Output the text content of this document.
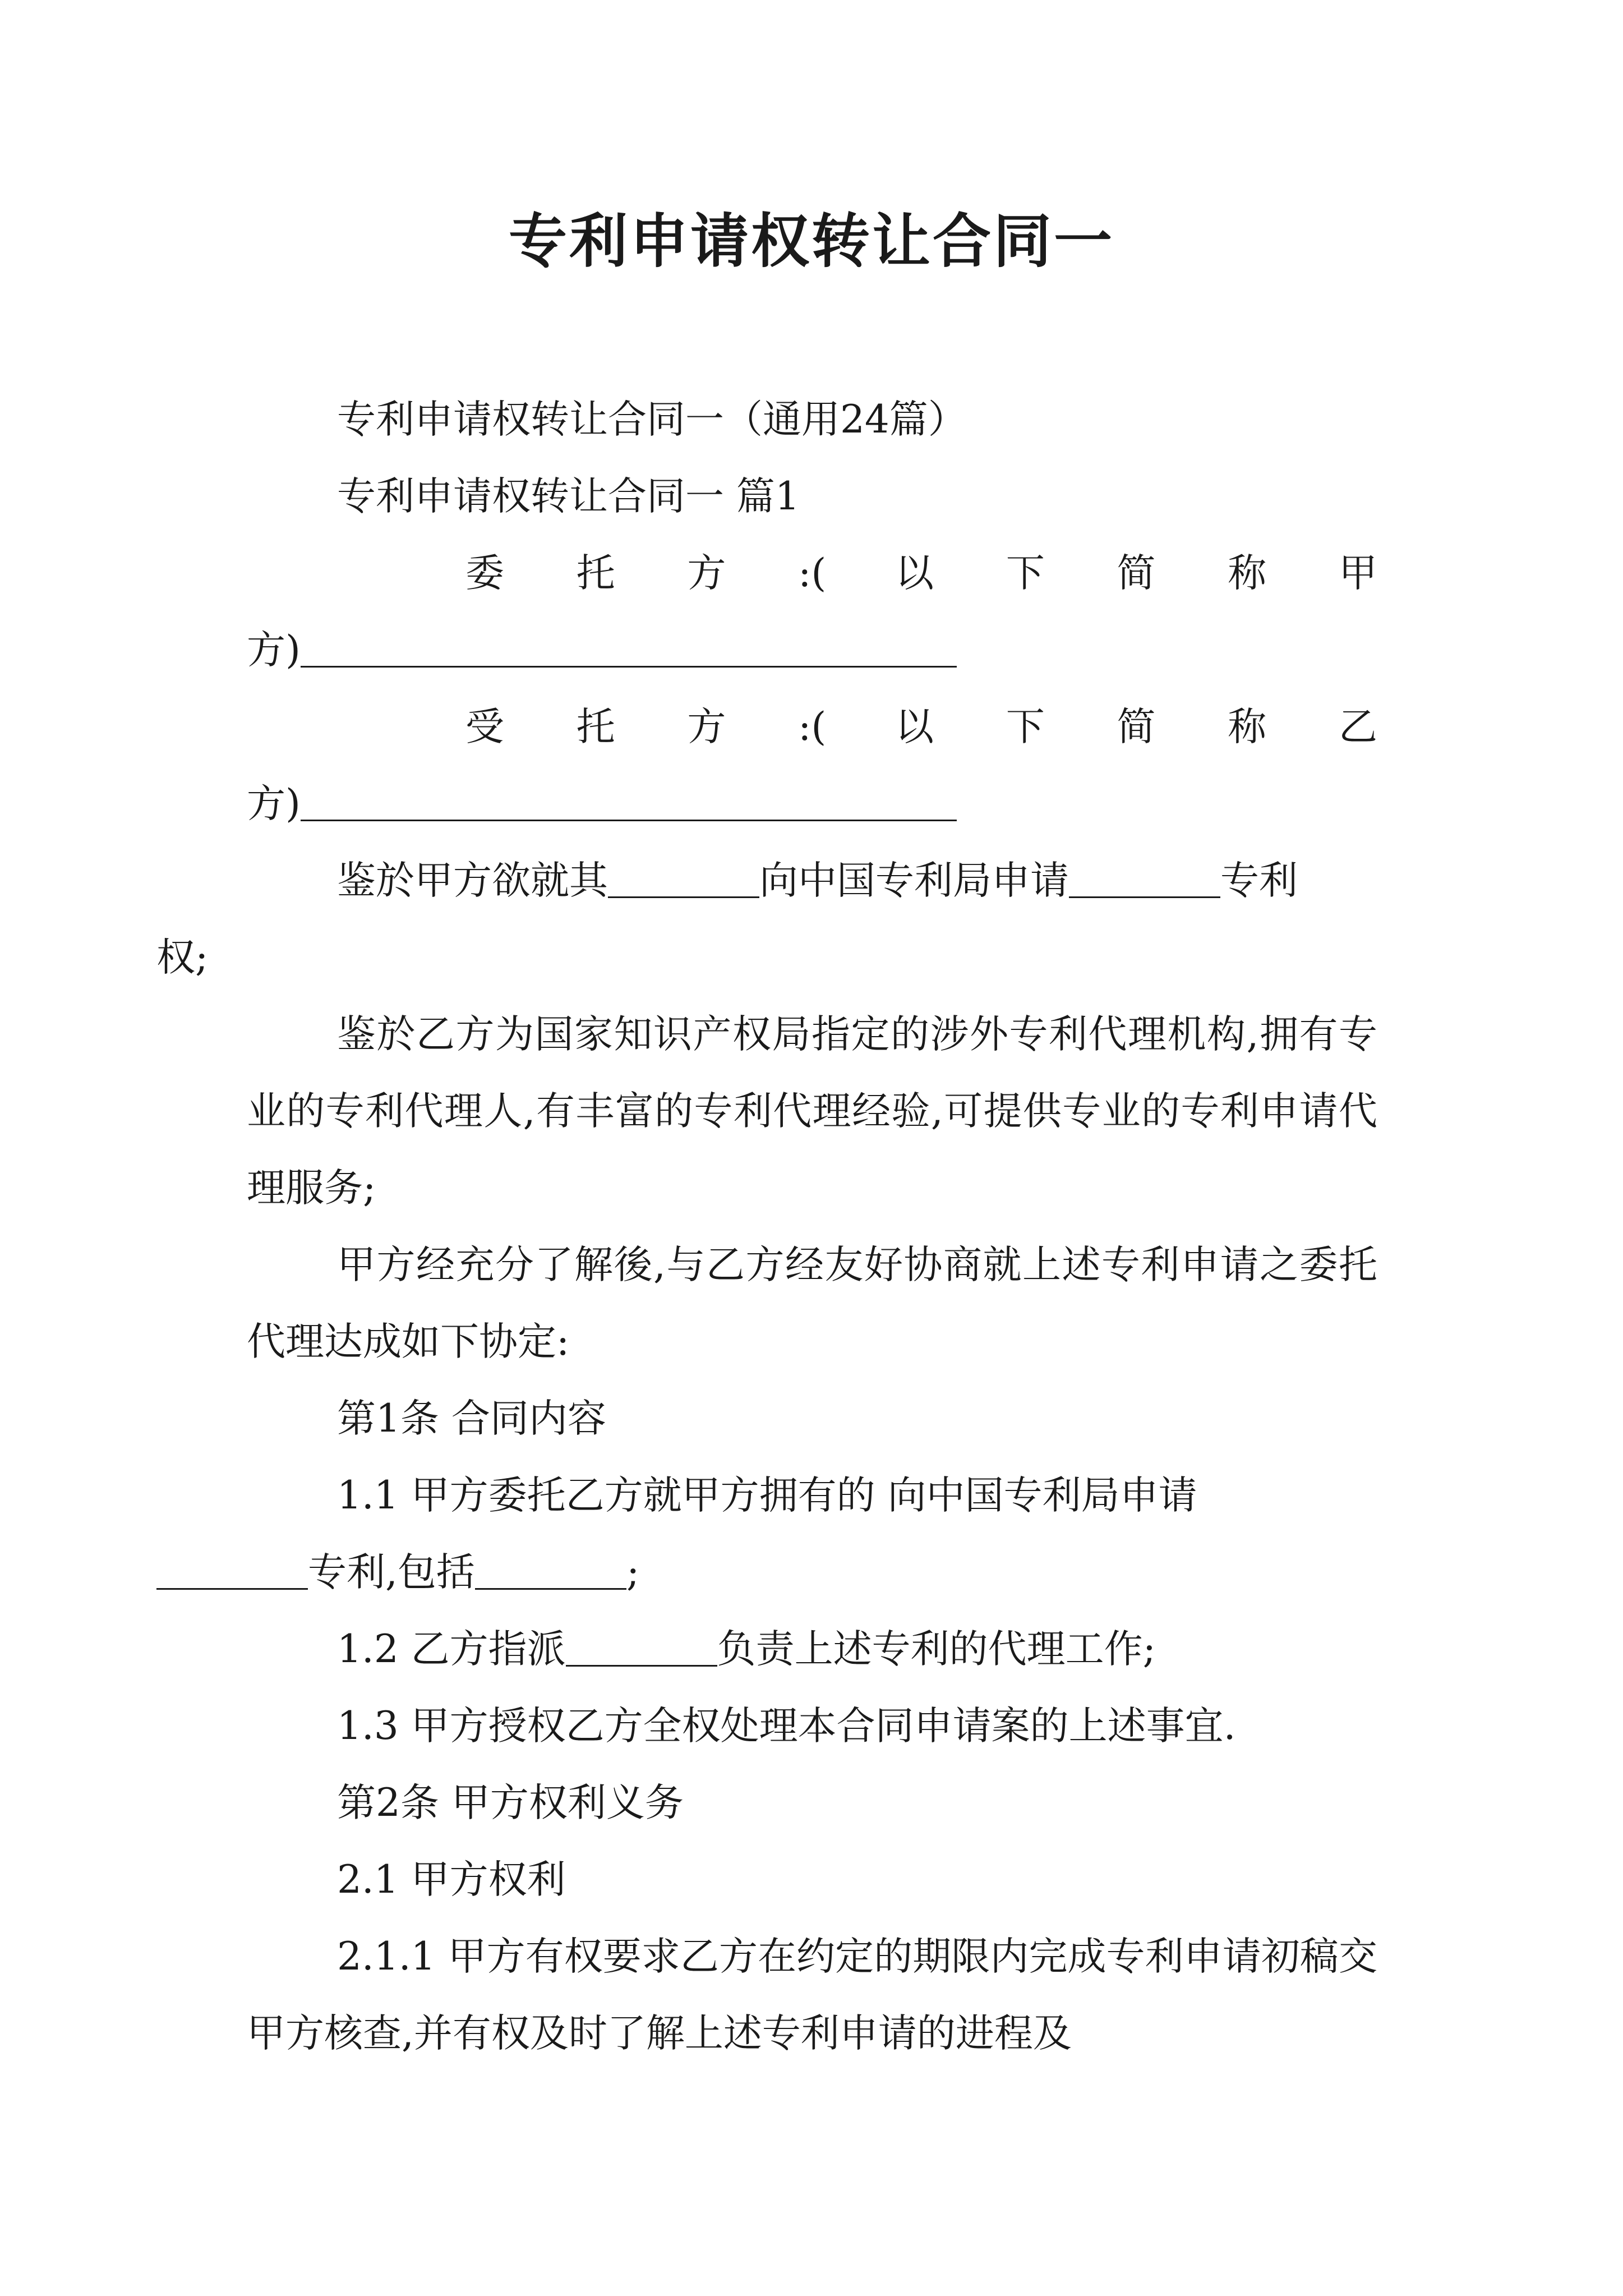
专利申请权转让合同一

专利申请权转让合同一（通用24篇）

专利申请权转让合同一 篇1

委 托 方 :( 以 下 简 称 甲

方)

受 托 方 :( 以 下 简 称 乙

方)

鉴於甲方欲就其	向中国专利局申请	专利
权;

鉴於乙方为国家知识产权局指定的涉外专利代理机构,拥有专业的专利代理人,有丰富的专利代理经验,可提供专业的专利申请代理服务;

甲方经充分了解後,与乙方经友好协商就上述专利申请之委托代理达成如下协定:

第1条 合同内容

1.1 甲方委托乙方就甲方拥有的 向中国专利局申请
专利,包括	;

1.2 乙方指派	负责上述专利的代理工作;

1.3 甲方授权乙方全权处理本合同申请案的上述事宜.

第2条 甲方权利义务

2.1 甲方权利

2.1.1 甲方有权要求乙方在约定的期限内完成专利申请初稿交甲方核查,并有权及时了解上述专利申请的进程及
